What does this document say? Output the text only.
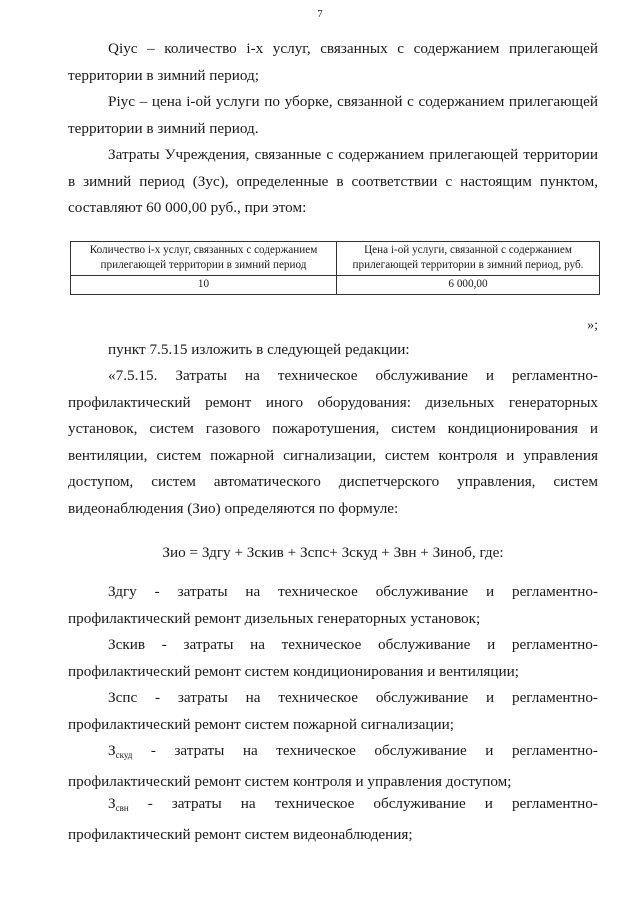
7

Qiус – количество i-х услуг, связанных с содержанием прилегающей территории в зимний период;

Piус – цена i-ой услуги по уборке, связанной с содержанием прилегающей территории в зимний период.

Затраты Учреждения, связанные с содержанием прилегающей территории в зимний период (Зус), определенные в соответствии с настоящим пунктом, составляют 60 000,00 руб., при этом:

Количество i-х услуг, связанных с содержанием прилегающей территории в зимний период	Цена i-ой услуги, связанной с содержанием прилегающей территории в зимний период, руб.
10	6 000,00
»;

пункт 7.5.15 изложить в следующей редакции:

«7.5.15. Затраты на техническое обслуживание и регламентно-профилактический ремонт иного оборудования: дизельных генераторных установок, систем газового пожаротушения, систем кондиционирования и вентиляции, систем пожарной сигнализации, систем контроля и управления доступом, систем автоматического диспетчерского управления, систем видеонаблюдения (Зио) определяются по формуле:

Зио = Здгу + Зскив + Зспс+ Зскуд + Звн + Зиноб, где:

Здгу - затраты на техническое обслуживание и регламентно-
профилактический ремонт дизельных генераторных установок;
Зскив - затраты на техническое обслуживание и регламентно-
профилактический ремонт систем кондиционирования и вентиляции;
Зспс - затраты на техническое обслуживание и регламентно-
профилактический ремонт систем пожарной сигнализации;
$З_{скуд}$ - затраты на техническое обслуживание и регламентно-
профилактический ремонт систем контроля и управления доступом;
$З_{свн}$ - затраты на техническое обслуживание и регламентно-
профилактический ремонт систем видеонаблюдения;
